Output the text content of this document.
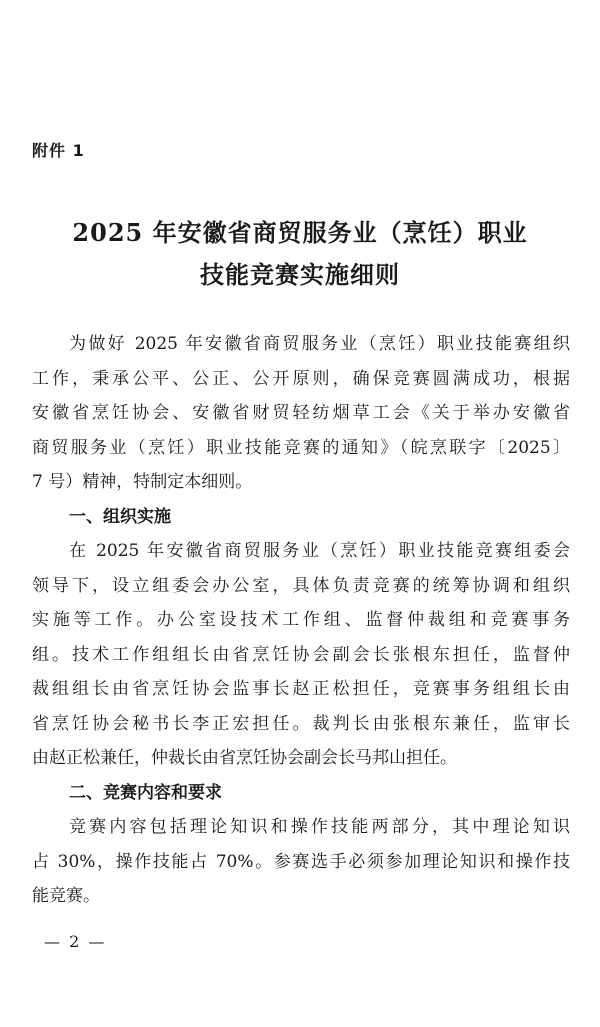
附件 1
2025 年安徽省商贸服务业（烹饪）职业
技能竞赛实施细则
为做好 2025 年安徽省商贸服务业（烹饪）职业技能赛组织
工作，秉承公平、公正、公开原则，确保竞赛圆满成功，根据
安徽省烹饪协会、安徽省财贸轻纺烟草工会《关于举办安徽省
商贸服务业（烹饪）职业技能竞赛的通知》（皖烹联字〔2025〕
7 号）精神，特制定本细则。
一、组织实施
在 2025 年安徽省商贸服务业（烹饪）职业技能竞赛组委会
领导下，设立组委会办公室，具体负责竞赛的统筹协调和组织
实施等工作。办公室设技术工作组、监督仲裁组和竞赛事务
组。技术工作组组长由省烹饪协会副会长张根东担任，监督仲
裁组组长由省烹饪协会监事长赵正松担任，竞赛事务组组长由
省烹饪协会秘书长李正宏担任。裁判长由张根东兼任，监审长
由赵正松兼任，仲裁长由省烹饪协会副会长马邦山担任。
二、竞赛内容和要求
竞赛内容包括理论知识和操作技能两部分，其中理论知识
占 30%，操作技能占 70%。参赛选手必须参加理论知识和操作技
能竞赛。
— 2 —
